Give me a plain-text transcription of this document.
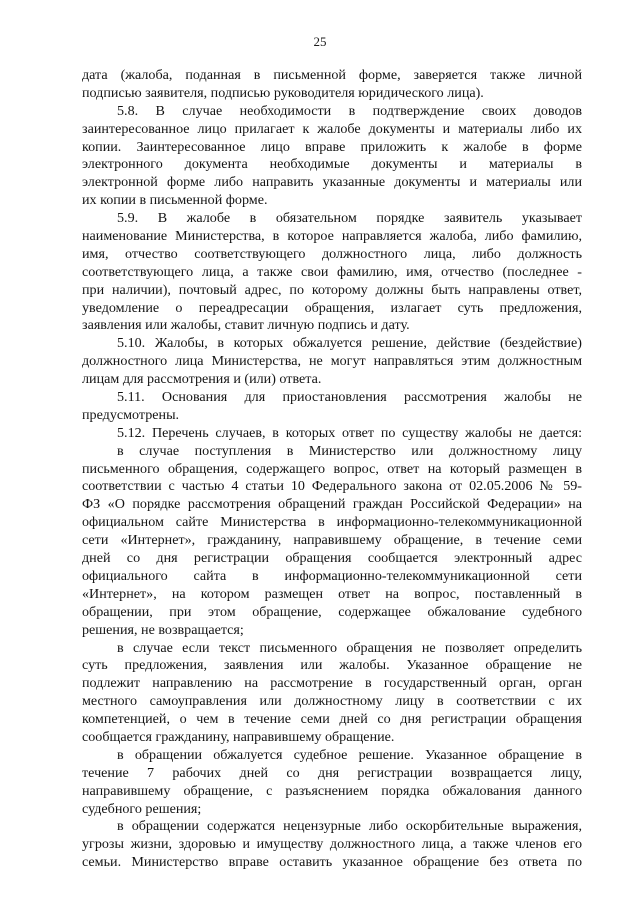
25
дата (жалоба, поданная в письменной форме, заверяется также личной
подписью заявителя, подписью руководителя юридического лица).
5.8. В случае необходимости в подтверждение своих доводов
заинтересованное лицо прилагает к жалобе документы и материалы либо их
копии. Заинтересованное лицо вправе приложить к жалобе в форме
электронного документа необходимые документы и материалы в
электронной форме либо направить указанные документы и материалы или
их копии в письменной форме.
5.9. В жалобе в обязательном порядке заявитель указывает
наименование Министерства, в которое направляется жалоба, либо фамилию,
имя, отчество соответствующего должностного лица, либо должность
соответствующего лица, а также свои фамилию, имя, отчество (последнее -
при наличии), почтовый адрес, по которому должны быть направлены ответ,
уведомление о переадресации обращения, излагает суть предложения,
заявления или жалобы, ставит личную подпись и дату.
5.10. Жалобы, в которых обжалуется решение, действие (бездействие)
должностного лица Министерства, не могут направляться этим должностным
лицам для рассмотрения и (или) ответа.
5.11. Основания для приостановления рассмотрения жалобы не
предусмотрены.
5.12. Перечень случаев, в которых ответ по существу жалобы не дается:
в случае поступления в Министерство или должностному лицу
письменного обращения, содержащего вопрос, ответ на который размещен в
соответствии с частью 4 статьи 10 Федерального закона от 02.05.2006 № 59-
ФЗ «О порядке рассмотрения обращений граждан Российской Федерации» на
официальном сайте Министерства в информационно-телекоммуникационной
сети «Интернет», гражданину, направившему обращение, в течение семи
дней со дня регистрации обращения сообщается электронный адрес
официального сайта в информационно-телекоммуникационной сети
«Интернет», на котором размещен ответ на вопрос, поставленный в
обращении, при этом обращение, содержащее обжалование судебного
решения, не возвращается;
в случае если текст письменного обращения не позволяет определить
суть предложения, заявления или жалобы. Указанное обращение не
подлежит направлению на рассмотрение в государственный орган, орган
местного самоуправления или должностному лицу в соответствии с их
компетенцией, о чем в течение семи дней со дня регистрации обращения
сообщается гражданину, направившему обращение.
в обращении обжалуется судебное решение. Указанное обращение в
течение 7 рабочих дней со дня регистрации возвращается лицу,
направившему обращение, с разъяснением порядка обжалования данного
судебного решения;
в обращении содержатся нецензурные либо оскорбительные выражения,
угрозы жизни, здоровью и имуществу должностного лица, а также членов его
семьи. Министерство вправе оставить указанное обращение без ответа по
